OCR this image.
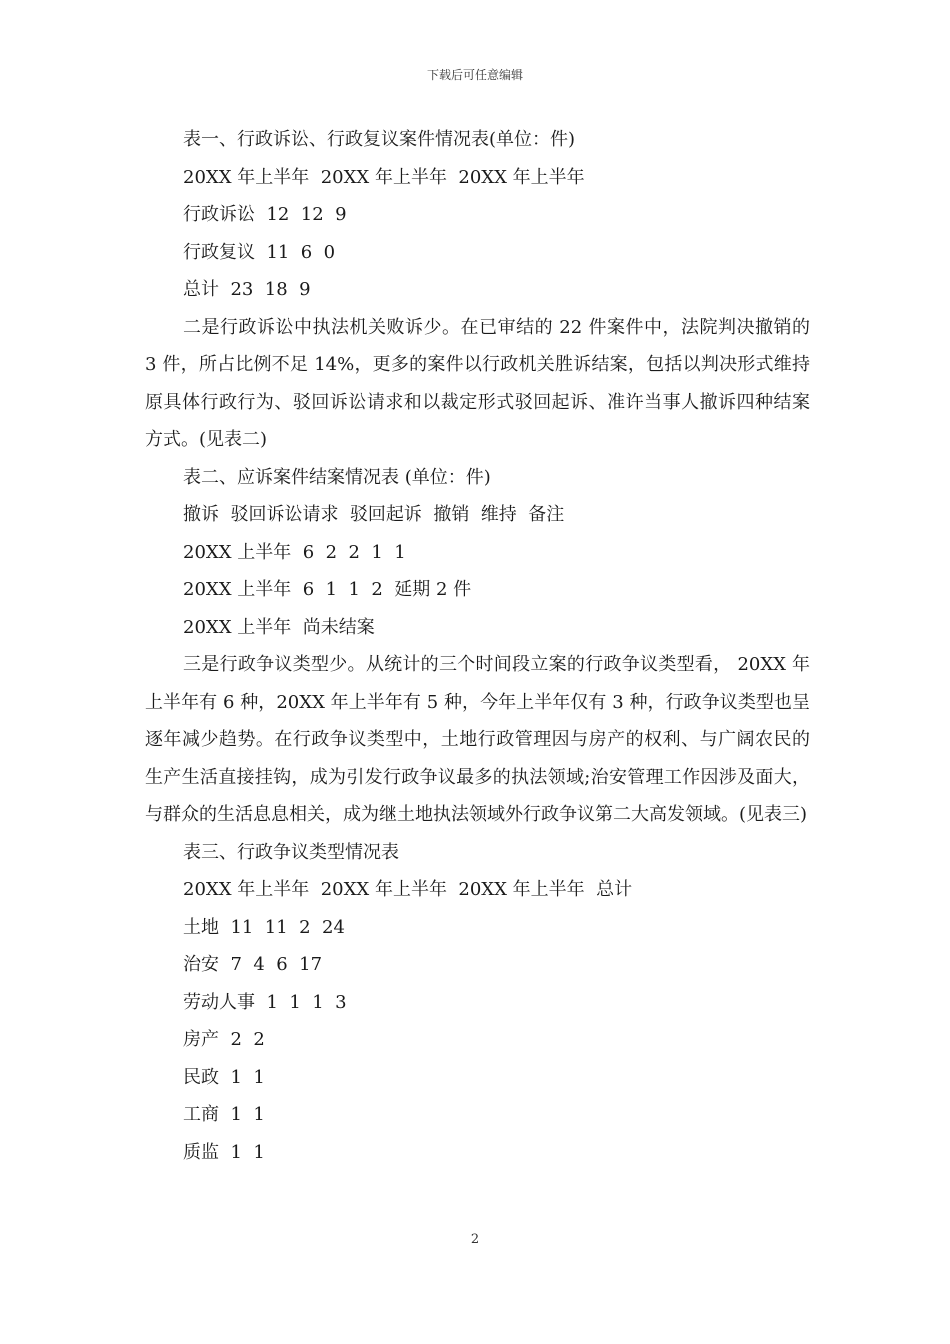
下载后可任意编辑
表一、行政诉讼、行政复议案件情况表(单位：件)
20XX 年上半年  20XX 年上半年  20XX 年上半年
行政诉讼  12  12  9
行政复议  11  6  0
总计  23  18  9

二是行政诉讼中执法机关败诉少。在已审结的 22 件案件中，法院判决撤销的 3 件，所占比例不足 14%，更多的案件以行政机关胜诉结案，包括以判决形式维持原具体行政行为、驳回诉讼请求和以裁定形式驳回起诉、准许当事人撤诉四种结案方式。(见表二)

表二、应诉案件结案情况表 (单位：件)
撤诉  驳回诉讼请求  驳回起诉  撤销  维持  备注
20XX 上半年  6  2  2  1  1
20XX 上半年  6  1  1  2  延期 2 件
20XX 上半年  尚未结案

三是行政争议类型少。从统计的三个时间段立案的行政争议类型看， 20XX 年上半年有 6 种，20XX 年上半年有 5 种，今年上半年仅有 3 种，行政争议类型也呈逐年减少趋势。在行政争议类型中，土地行政管理因与房产的权利、与广阔农民的生产生活直接挂钩，成为引发行政争议最多的执法领域;治安管理工作因涉及面大，与群众的生活息息相关，成为继土地执法领域外行政争议第二大高发领域。(见表三)

表三、行政争议类型情况表
20XX 年上半年  20XX 年上半年  20XX 年上半年  总计
土地  11  11  2  24
治安  7  4  6  17
劳动人事  1  1  1  3
房产  2  2
民政  1  1
工商  1  1
质监  1  1
2
